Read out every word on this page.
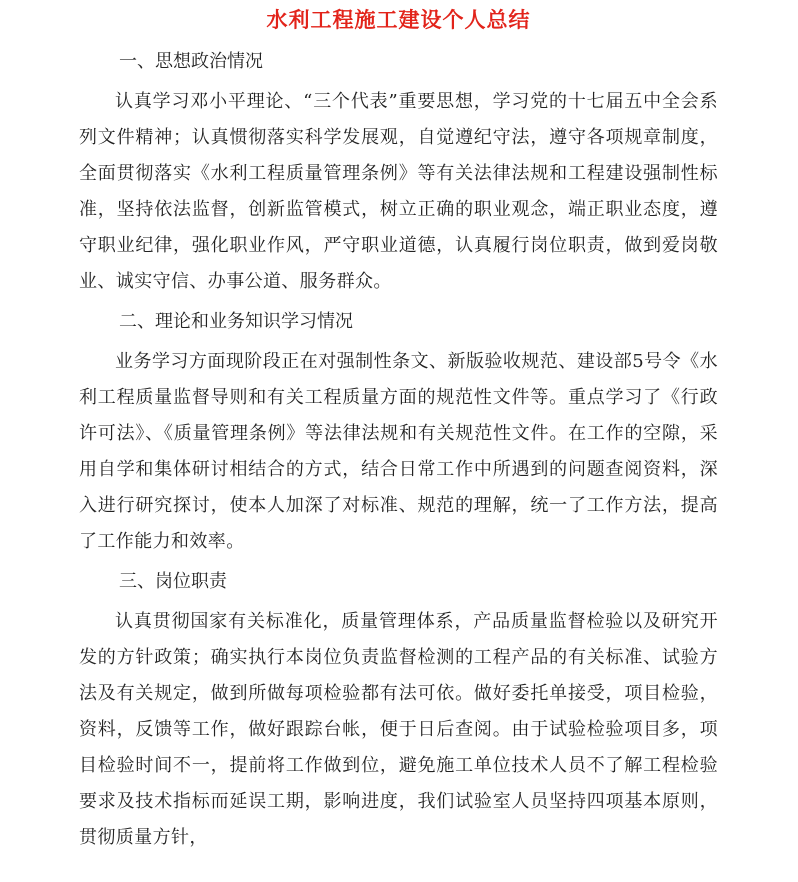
水利工程施工建设个人总结
一、思想政治情况

认真学习邓小平理论、“三个代表”重要思想，学习党的十七届五中全会系列文件精神；认真惯彻落实科学发展观，自觉遵纪守法，遵守各项规章制度，全面贯彻落实《水利工程质量管理条例》等有关法律法规和工程建设强制性标准，坚持依法监督，创新监管模式，树立正确的职业观念，端正职业态度，遵守职业纪律，强化职业作风，严守职业道德，认真履行岗位职责，做到爱岗敬业、诚实守信、办事公道、服务群众。

二、理论和业务知识学习情况

业务学习方面现阶段正在对强制性条文、新版验收规范、建设部5号令《水利工程质量监督导则和有关工程质量方面的规范性文件等。重点学习了《行政许可法》、《质量管理条例》等法律法规和有关规范性文件。在工作的空隙，采用自学和集体研讨相结合的方式，结合日常工作中所遇到的问题查阅资料，深入进行研究探讨，使本人加深了对标准、规范的理解，统一了工作方法，提高了工作能力和效率。

三、岗位职责

认真贯彻国家有关标准化，质量管理体系，产品质量监督检验以及研究开发的方针政策；确实执行本岗位负责监督检测的工程产品的有关标准、试验方法及有关规定，做到所做每项检验都有法可依。做好委托单接受，项目检验，资料，反馈等工作，做好跟踪台帐，便于日后查阅。由于试验检验项目多，项目检验时间不一，提前将工作做到位，避免施工单位技术人员不了解工程检验要求及技术指标而延误工期，影响进度，我们试验室人员坚持四项基本原则，贯彻质量方针，
